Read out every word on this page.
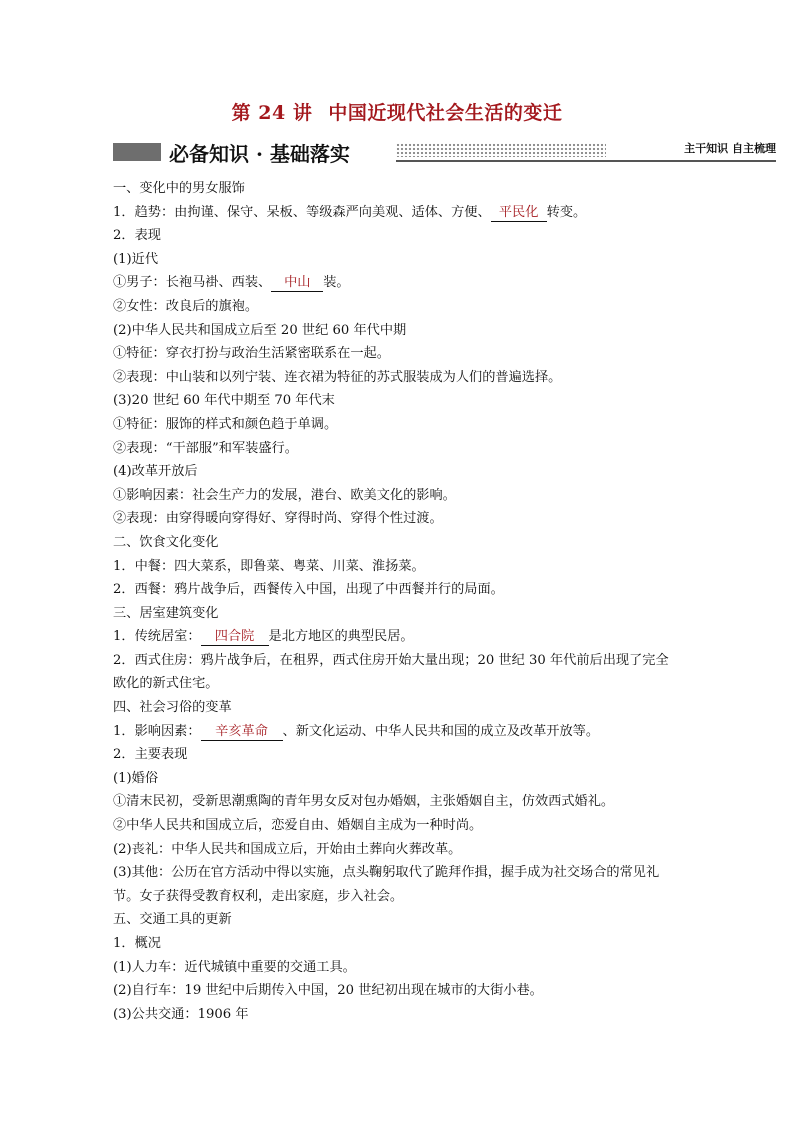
第 24 讲 中国近现代社会生活的变迁
必备知识 · 基础落实	主干知识 自主梳理
一、变化中的男女服饰
1．趋势：由拘谨、保守、呆板、等级森严向美观、适体、方便、 平民化 转变。
2．表现
(1)近代
①男子：长袍马褂、西装、 中山 装。
②女性：改良后的旗袍。
(2)中华人民共和国成立后至 20 世纪 60 年代中期
①特征：穿衣打扮与政治生活紧密联系在一起。
②表现：中山装和以列宁装、连衣裙为特征的苏式服装成为人们的普遍选择。
(3)20 世纪 60 年代中期至 70 年代末
①特征：服饰的样式和颜色趋于单调。
②表现：“干部服”和军装盛行。
(4)改革开放后
①影响因素：社会生产力的发展，港台、欧美文化的影响。
②表现：由穿得暖向穿得好、穿得时尚、穿得个性过渡。
二、饮食文化变化
1．中餐：四大菜系，即鲁菜、粤菜、川菜、淮扬菜。
2．西餐：鸦片战争后，西餐传入中国，出现了中西餐并行的局面。
三、居室建筑变化
1．传统居室： 四合院 是北方地区的典型民居。
2．西式住房：鸦片战争后，在租界，西式住房开始大量出现；20 世纪 30 年代前后出现了完全欧化的新式住宅。
四、社会习俗的变革
1．影响因素： 辛亥革命 、新文化运动、中华人民共和国的成立及改革开放等。
2．主要表现
(1)婚俗
①清末民初，受新思潮熏陶的青年男女反对包办婚姻，主张婚姻自主，仿效西式婚礼。
②中华人民共和国成立后，恋爱自由、婚姻自主成为一种时尚。
(2)丧礼：中华人民共和国成立后，开始由土葬向火葬改革。
(3)其他：公历在官方活动中得以实施，点头鞠躬取代了跪拜作揖，握手成为社交场合的常见礼节。女子获得受教育权利，走出家庭，步入社会。
五、交通工具的更新
1．概况
(1)人力车：近代城镇中重要的交通工具。
(2)自行车：19 世纪中后期传入中国，20 世纪初出现在城市的大街小巷。
(3)公共交通：1906 年
